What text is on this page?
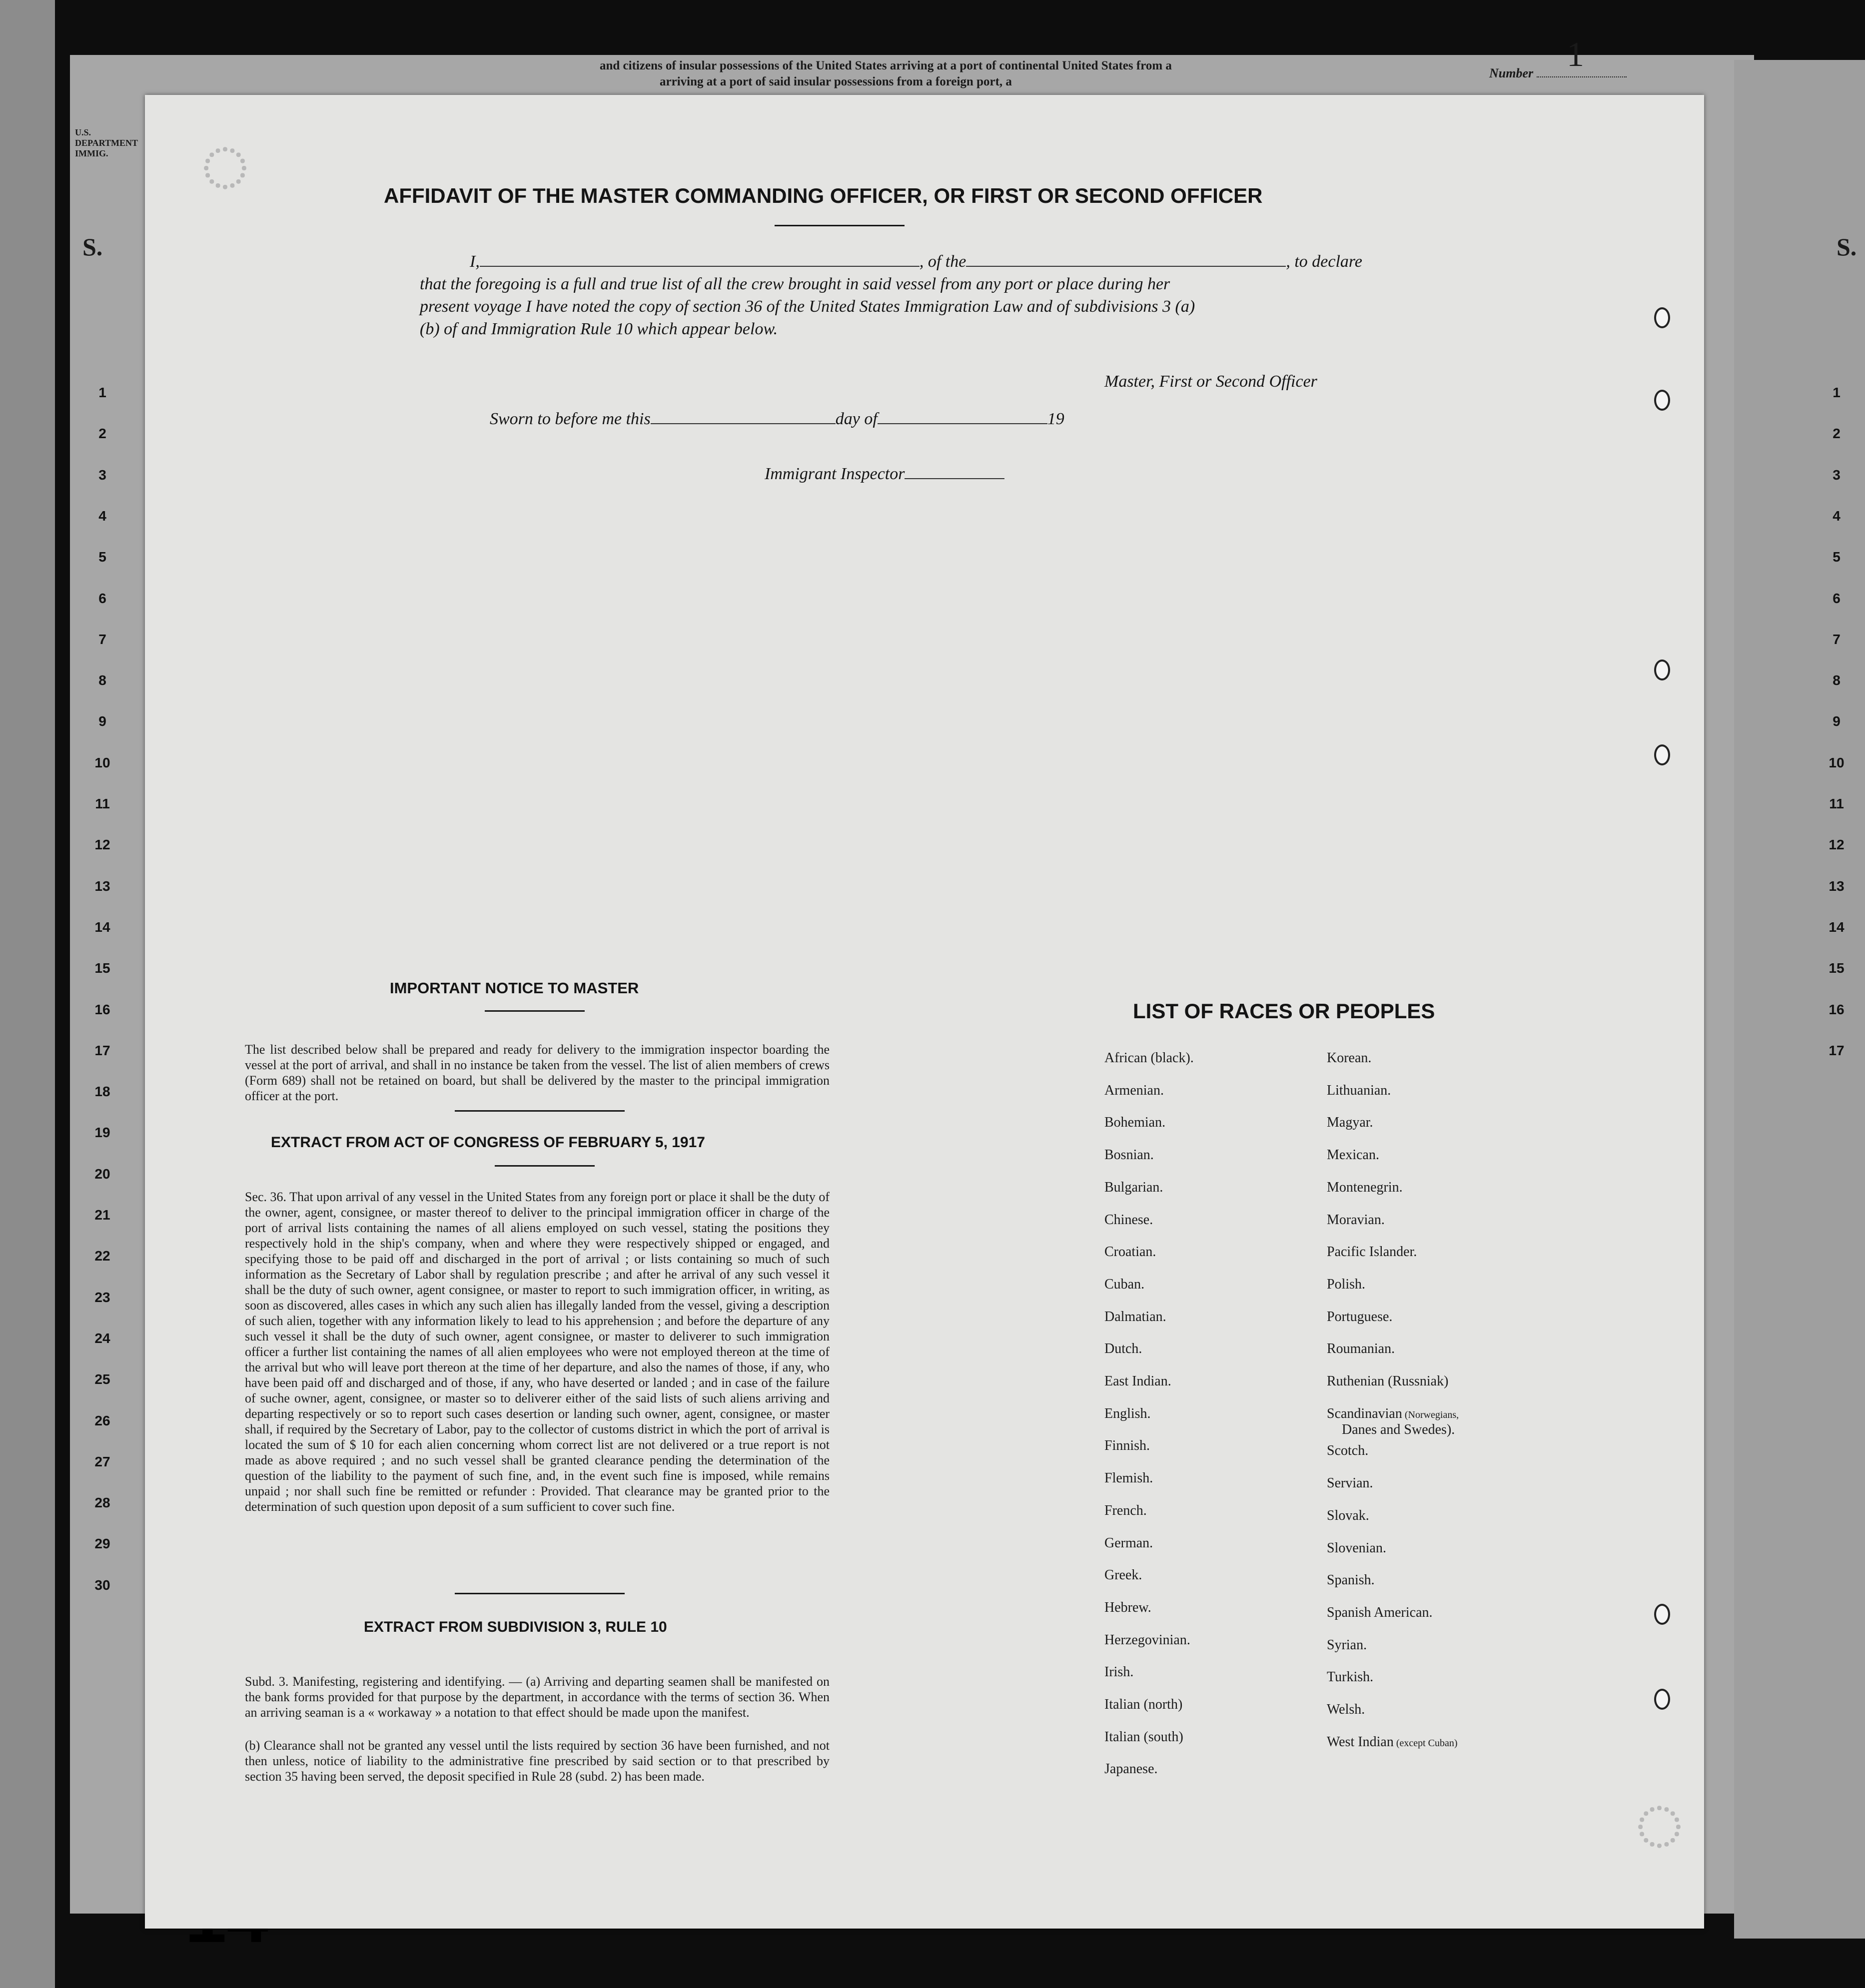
Number 1
and citizens of insular possessions of the United States arriving at a port of continental United States from a
arriving at a port of said insular possessions from a foreign port, a
U.S. DEPARTMENT IMMIG.
S.	S.
1
2
3
4
5
6
7
8
9
10
11
12
13
14
15
16
17
18
19
20
21
22
23
24
25
26
27
28
29
30
1
2
3
4
5
6
7
8
9
10
11
12
13
14
15
16
17
◌
◌
AFFIDAVIT OF THE MASTER COMMANDING OFFICER, OR FIRST OR SECOND OFFICER
I,	, of the	, to declare
that the foregoing is a full and true list of all the crew brought in said vessel from any port or place during her
present voyage I have noted the copy of section 36 of the United States Immigration Law and of subdivisions 3 (a)
(b) of and Immigration Rule 10 which appear below.
Master, First or Second Officer
Sworn to before me this	day of	19
Immigrant Inspector
IMPORTANT NOTICE TO MASTER
The list described below shall be prepared and ready for delivery to the immigration inspector boarding the vessel at the port of arrival, and shall in no instance be taken from the vessel. The list of alien members of crews (Form 689) shall not be retained on board, but shall be delivered by the master to the principal immigration officer at the port.
EXTRACT FROM ACT OF CONGRESS OF FEBRUARY 5, 1917
Sec. 36. That upon arrival of any vessel in the United States from any foreign port or place it shall be the duty of the owner, agent, consignee, or master thereof to deliver to the principal immigration officer in charge of the port of arrival lists containing the names of all aliens employed on such vessel, stating the positions they respectively hold in the ship's company, when and where they were respectively shipped or engaged, and specifying those to be paid off and discharged in the port of arrival ; or lists containing so much of such information as the Secretary of Labor shall by regulation prescribe ; and after he arrival of any such vessel it shall be the duty of such owner, agent consignee, or master to report to such immigration officer, in writing, as soon as discovered, alles cases in which any such alien has illegally landed from the vessel, giving a description of such alien, together with any information likely to lead to his apprehension ; and before the departure of any such vessel it shall be the duty of such owner, agent consignee, or master to deliverer to such immigration officer a further list containing the names of all alien employees who were not employed thereon at the time of the arrival but who will leave port thereon at the time of her departure, and also the names of those, if any, who have been paid off and discharged and of those, if any, who have deserted or landed ; and in case of the failure of suche owner, agent, consignee, or master so to deliverer either of the said lists of such aliens arriving and departing respectively or so to report such cases desertion or landing such owner, agent, consignee, or master shall, if required by the Secretary of Labor, pay to the collector of customs district in which the port of arrival is located the sum of $ 10 for each alien concerning whom correct list are not delivered or a true report is not made as above required ; and no such vessel shall be granted clearance pending the determination of the question of the liability to the payment of such fine, and, in the event such fine is imposed, while remains unpaid ; nor shall such fine be remitted or refunder : Provided. That clearance may be granted prior to the determination of such question upon deposit of a sum sufficient to cover such fine.
EXTRACT FROM SUBDIVISION 3, RULE 10
Subd. 3. Manifesting, registering and identifying. — (a) Arriving and departing seamen shall be manifested on the bank forms provided for that purpose by the department, in accordance with the terms of section 36. When an arriving seaman is a « workaway » a notation to that effect should be made upon the manifest.
(b) Clearance shall not be granted any vessel until the lists required by section 36 have been furnished, and not then unless, notice of liability to the administrative fine prescribed by said section or to that prescribed by section 35 having been served, the deposit specified in Rule 28 (subd. 2) has been made.
LIST OF RACES OR PEOPLES
African (black).
Armenian.
Bohemian.
Bosnian.
Bulgarian.
Chinese.
Croatian.
Cuban.
Dalmatian.
Dutch.
East Indian.
English.
Finnish.
Flemish.
French.
German.
Greek.
Hebrew.
Herzegovinian.
Irish.
Italian (north)
Italian (south)
Japanese.
Korean.
Lithuanian.
Magyar.
Mexican.
Montenegrin.
Moravian.
Pacific Islander.
Polish.
Portuguese.
Roumanian.
Ruthenian (Russniak)
Scandinavian (Norwegians,
Danes and Swedes).
Scotch.
Servian.
Slovak.
Slovenian.
Spanish.
Spanish American.
Syrian.
Turkish.
Welsh.
West Indian (except Cuban)
